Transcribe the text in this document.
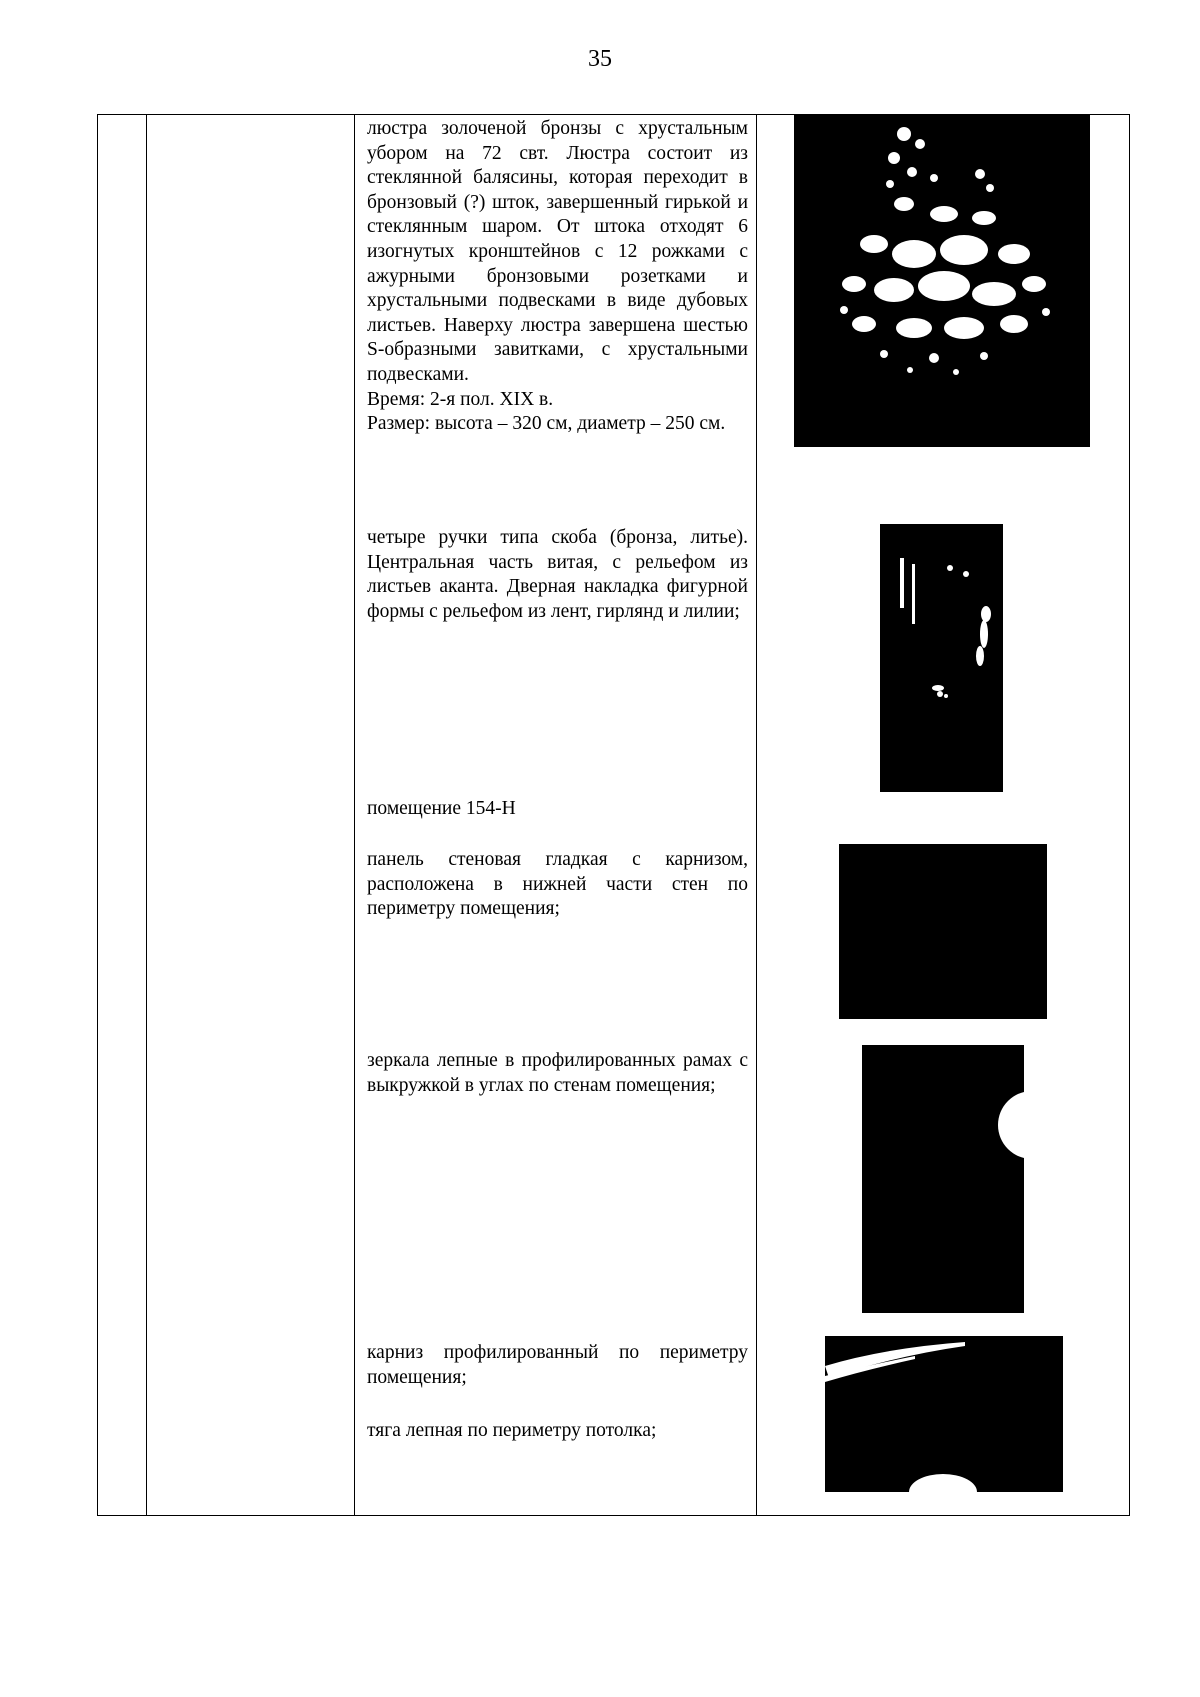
35

люстра золоченой бронзы с хрустальным убором на 72 свт. Люстра состоит из стеклянной балясины, которая переходит в бронзовый (?) шток, завершенный гирькой и стеклянным шаром. От штока отходят 6 изогнутых кронштейнов с 12 рожками с ажурными бронзовыми розетками и хрустальными подвесками в виде дубовых листьев. Наверху люстра завершена шестью S-образными завитками, с хрустальными подвесками.

Время: 2-я пол. XIX в.

Размер: высота – 320 см, диаметр – 250 см.

четыре ручки типа скоба (бронза, литье). Центральная часть витая, с рельефом из листьев аканта. Дверная накладка фигурной формы с рельефом из лент, гирлянд и лилии;

помещение 154-Н

панель стеновая гладкая с карнизом, расположена в нижней части стен по периметру помещения;

зеркала лепные в профилированных рамах с выкружкой в углах по стенам помещения;

карниз профилированный по периметру помещения;

тяга лепная по периметру потолка;
